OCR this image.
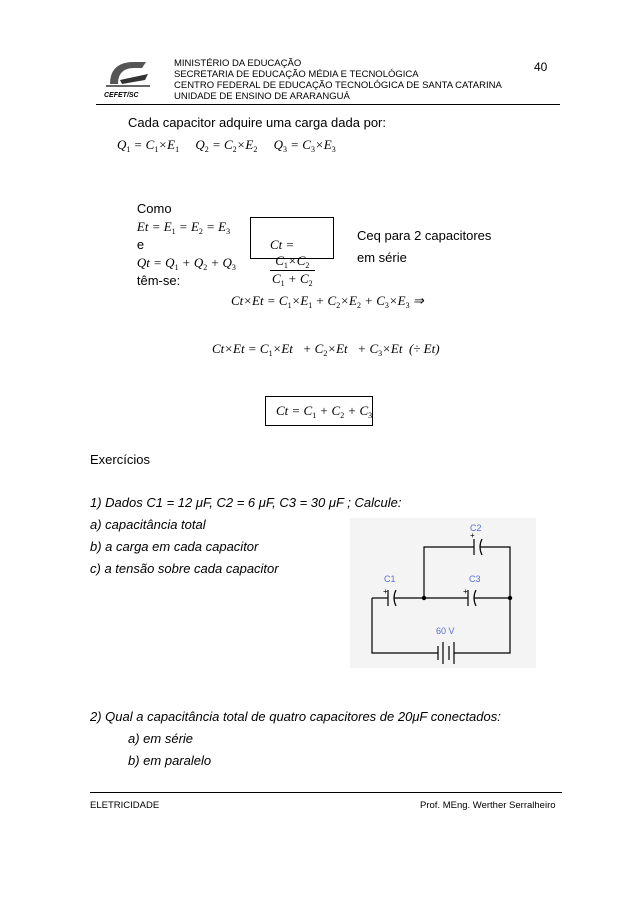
CEFET/SC
MINISTÉRIO DA EDUCAÇÃO
SECRETARIA DE EDUCAÇÃO MÉDIA E TECNOLÓGICA
CENTRO FEDERAL DE EDUCAÇÃO TECNOLÓGICA DE SANTA CATARINA
UNIDADE DE ENSINO DE ARARANGUÁ
40
Cada capacitor adquire uma carga dada por:
$Q_1 = C_1\times E_1$     $Q_2 = C_2\times E_2$     $Q_3 = C_3\times E_3$

Como
$Et = E_1 = E_2 = E_3$
e
$Qt = Q_1 + Q_2 + Q_3$
têm-se:

Ct =

$\frac{C_1\times C_2}{C_1 + C_2}$

Ceq para 2 capacitores
em série
$Ct\times Et = C_1\times E_1 + C_2\times E_2 + C_3\times E_3$ ⇒
$Ct\times Et = C_1\times Et + C_2\times Et + C_3\times Et$  (÷ Et)
$Ct = C_1 + C_2 + C_3$
Exercícios
1) Dados C1 = 12 μF, C2 = 6 μF, C3 = 30 μF ; Calcule:
a) capacitância total
b) a carga em cada capacitor
c) a tensão sobre cada capacitor
+
+	+
C2
C1	C3
60 V
2) Qual a capacitância total de quatro capacitores de 20μF conectados:
a) em série
b) em paralelo
ELETRICIDADE	Prof. MEng. Werther Serralheiro
